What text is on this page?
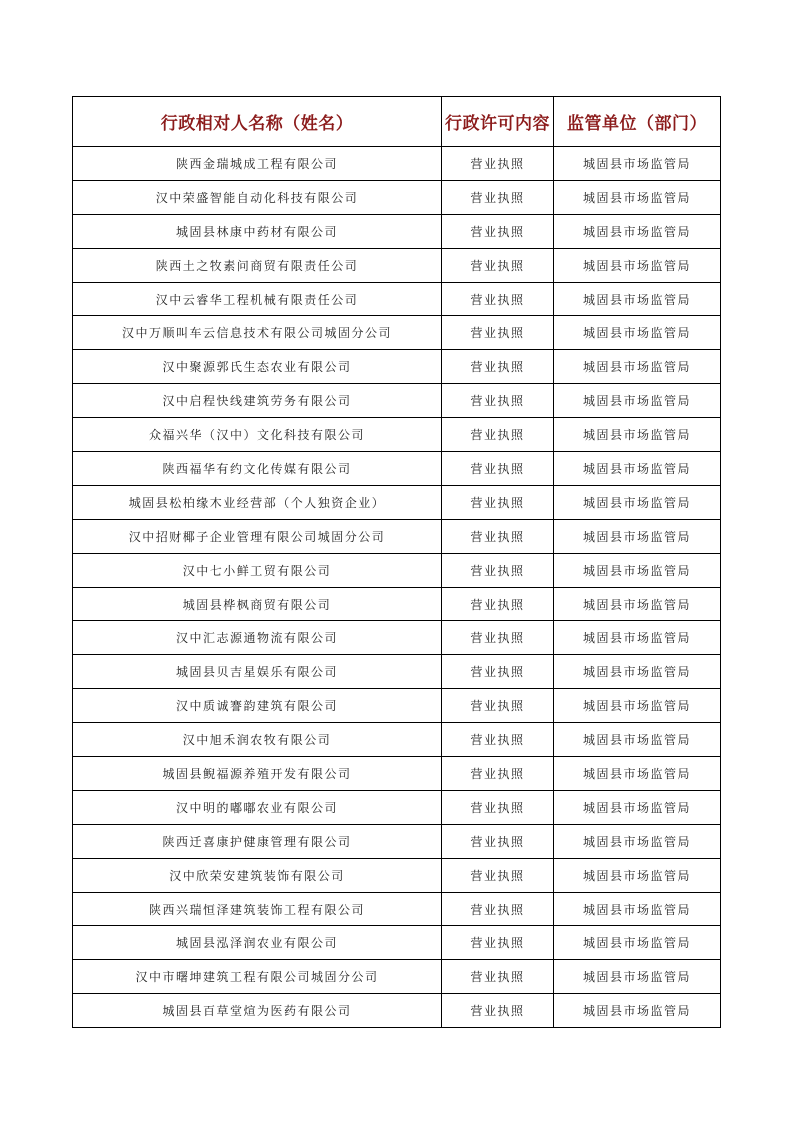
行政相对人名称（姓名）	行政许可内容	监管单位（部门）
陕西金瑞城成工程有限公司	营业执照	城固县市场监管局
汉中荣盛智能自动化科技有限公司	营业执照	城固县市场监管局
城固县林康中药材有限公司	营业执照	城固县市场监管局
陕西土之牧素问商贸有限责任公司	营业执照	城固县市场监管局
汉中云睿华工程机械有限责任公司	营业执照	城固县市场监管局
汉中万顺叫车云信息技术有限公司城固分公司	营业执照	城固县市场监管局
汉中聚源郭氏生态农业有限公司	营业执照	城固县市场监管局
汉中启程快线建筑劳务有限公司	营业执照	城固县市场监管局
众福兴华（汉中）文化科技有限公司	营业执照	城固县市场监管局
陕西福华有约文化传媒有限公司	营业执照	城固县市场监管局
城固县松柏缘木业经营部（个人独资企业）	营业执照	城固县市场监管局
汉中招财椰子企业管理有限公司城固分公司	营业执照	城固县市场监管局
汉中七小鲜工贸有限公司	营业执照	城固县市场监管局
城固县桦枫商贸有限公司	营业执照	城固县市场监管局
汉中汇志源通物流有限公司	营业执照	城固县市场监管局
城固县贝吉星娱乐有限公司	营业执照	城固县市场监管局
汉中质诚謇韵建筑有限公司	营业执照	城固县市场监管局
汉中旭禾润农牧有限公司	营业执照	城固县市场监管局
城固县鲵福源养殖开发有限公司	营业执照	城固县市场监管局
汉中明的嘟嘟农业有限公司	营业执照	城固县市场监管局
陕西迁喜康护健康管理有限公司	营业执照	城固县市场监管局
汉中欣荣安建筑装饰有限公司	营业执照	城固县市场监管局
陕西兴瑞恒泽建筑装饰工程有限公司	营业执照	城固县市场监管局
城固县泓泽润农业有限公司	营业执照	城固县市场监管局
汉中市曙坤建筑工程有限公司城固分公司	营业执照	城固县市场监管局
城固县百草堂煊为医药有限公司	营业执照	城固县市场监管局
